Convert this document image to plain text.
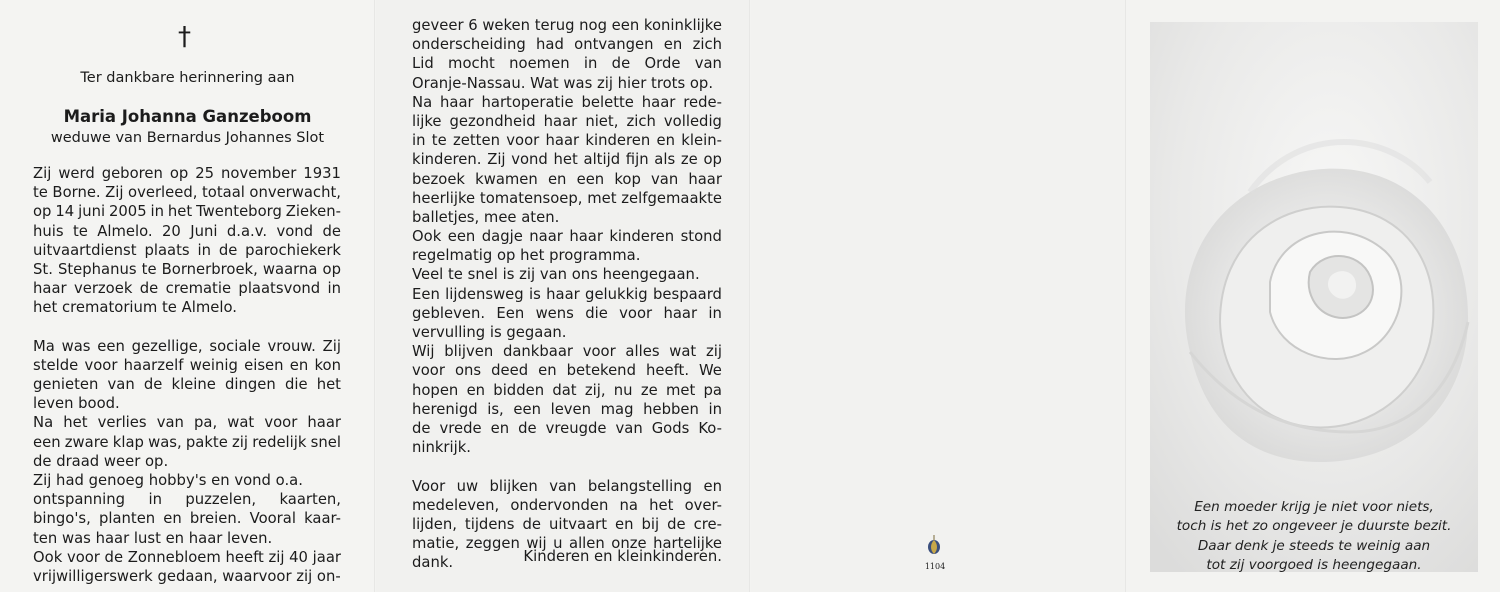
†
Ter dankbare herinnering aan
Maria Johanna Ganzeboom
weduwe van Bernardus Johannes Slot
Zij werd geboren op 25 november 1931
te Borne. Zij overleed, totaal onverwacht,
op 14 juni 2005 in het Twenteborg Zieken-
huis te Almelo. 20 Juni d.a.v. vond de
uitvaartdienst plaats in de parochiekerk
St. Stephanus te Bornerbroek, waarna op
haar verzoek de crematie plaatsvond in
het crematorium te Almelo.
Ma was een gezellige, sociale vrouw. Zij
stelde voor haarzelf weinig eisen en kon
genieten van de kleine dingen die het
leven bood.
Na het verlies van pa, wat voor haar
een zware klap was, pakte zij redelijk snel
de draad weer op.
Zij had genoeg hobby's en vond o.a.
ontspanning in puzzelen, kaarten,
bingo's, planten en breien. Vooral kaar-
ten was haar lust en haar leven.
Ook voor de Zonnebloem heeft zij 40 jaar
vrijwilligerswerk gedaan, waarvoor zij on-
geveer 6 weken terug nog een koninklijke
onderscheiding had ontvangen en zich
Lid mocht noemen in de Orde van
Oranje-Nassau. Wat was zij hier trots op.
Na haar hartoperatie belette haar rede-
lijke gezondheid haar niet, zich volledig
in te zetten voor haar kinderen en klein-
kinderen. Zij vond het altijd fijn als ze op
bezoek kwamen en een kop van haar
heerlijke tomatensoep, met zelfgemaakte
balletjes, mee aten.
Ook een dagje naar haar kinderen stond
regelmatig op het programma.
Veel te snel is zij van ons heengegaan.
Een lijdensweg is haar gelukkig bespaard
gebleven. Een wens die voor haar in
vervulling is gegaan.
Wij blijven dankbaar voor alles wat zij
voor ons deed en betekend heeft. We
hopen en bidden dat zij, nu ze met pa
herenigd is, een leven mag hebben in
de vrede en de vreugde van Gods Ko-
ninkrijk.
Voor uw blijken van belangstelling en
medeleven, ondervonden na het over-
lijden, tijdens de uitvaart en bij de cre-
matie, zeggen wij u allen onze hartelijke
dank.	Kinderen en kleinkinderen.
1104
Een moeder krijg je niet voor niets,
toch is het zo ongeveer je duurste bezit.
Daar denk je steeds te weinig aan
tot zij voorgoed is heengegaan.
